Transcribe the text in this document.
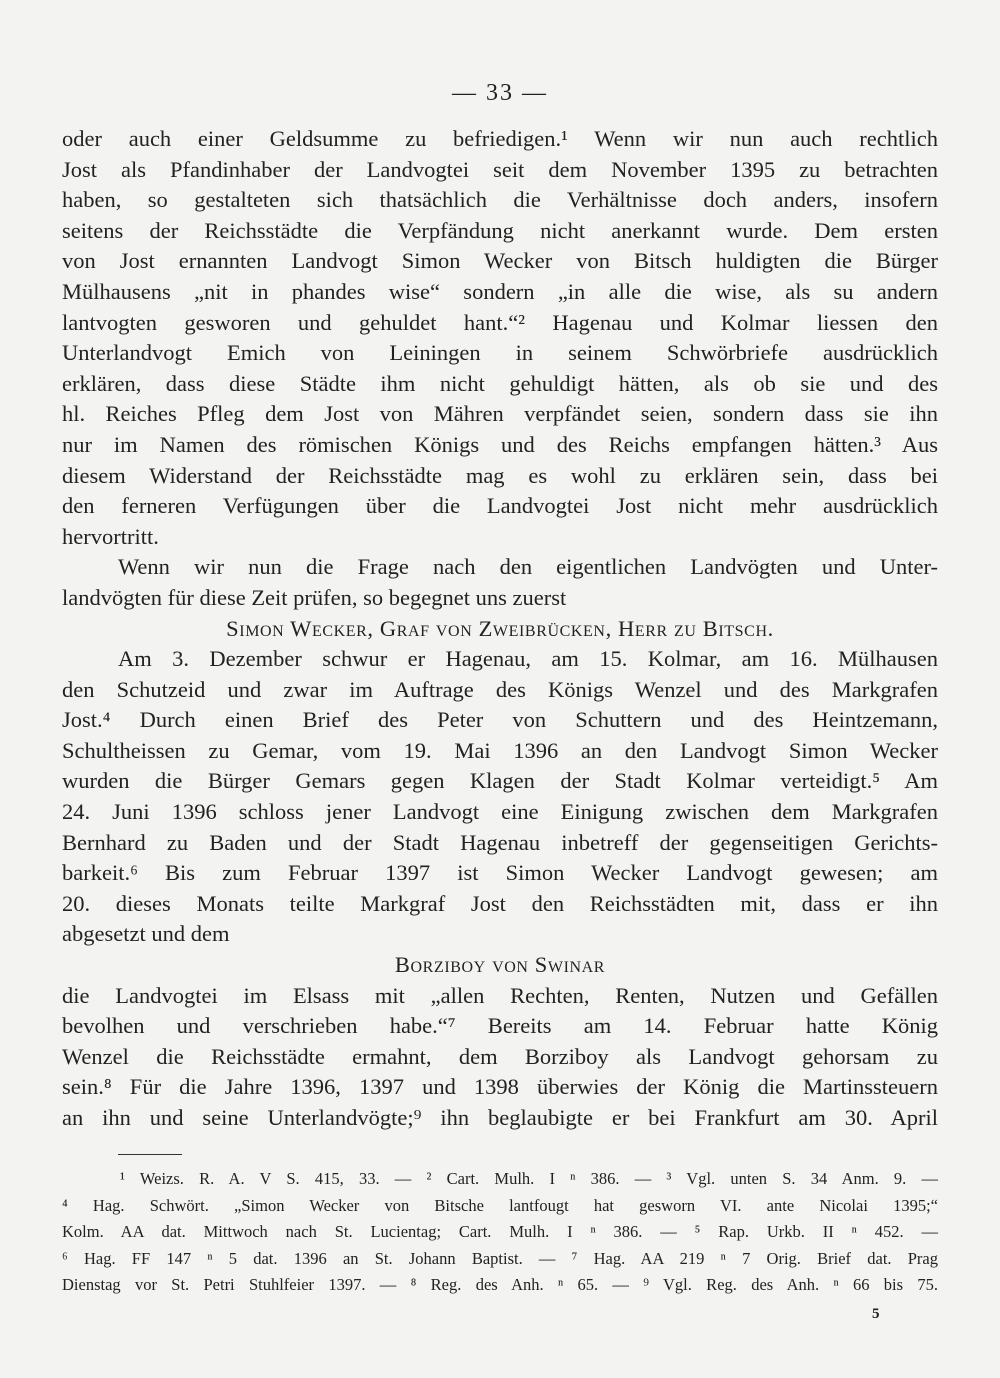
— 33 —
oder auch einer Geldsumme zu befriedigen.¹ Wenn wir nun auch rechtlich
Jost als Pfandinhaber der Landvogtei seit dem November 1395 zu betrachten
haben, so gestalteten sich thatsächlich die Verhältnisse doch anders, insofern
seitens der Reichsstädte die Verpfändung nicht anerkannt wurde. Dem ersten
von Jost ernannten Landvogt Simon Wecker von Bitsch huldigten die Bürger
Mülhausens „nit in phandes wise“ sondern „in alle die wise, als su andern
lantvogten gesworen und gehuldet hant.“² Hagenau und Kolmar liessen den
Unterlandvogt Emich von Leiningen in seinem Schwörbriefe ausdrücklich
erklären, dass diese Städte ihm nicht gehuldigt hätten, als ob sie und des
hl. Reiches Pfleg dem Jost von Mähren verpfändet seien, sondern dass sie ihn
nur im Namen des römischen Königs und des Reichs empfangen hätten.³ Aus
diesem Widerstand der Reichsstädte mag es wohl zu erklären sein, dass bei
den ferneren Verfügungen über die Landvogtei Jost nicht mehr ausdrücklich
hervortritt.
Wenn wir nun die Frage nach den eigentlichen Landvögten und Unter-
landvögten für diese Zeit prüfen, so begegnet uns zuerst
Simon Wecker, Graf von Zweibrücken, Herr zu Bitsch.
Am 3. Dezember schwur er Hagenau, am 15. Kolmar, am 16. Mülhausen
den Schutzeid und zwar im Auftrage des Königs Wenzel und des Markgrafen
Jost.⁴ Durch einen Brief des Peter von Schuttern und des Heintzemann,
Schultheissen zu Gemar, vom 19. Mai 1396 an den Landvogt Simon Wecker
wurden die Bürger Gemars gegen Klagen der Stadt Kolmar verteidigt.⁵ Am
24. Juni 1396 schloss jener Landvogt eine Einigung zwischen dem Markgrafen
Bernhard zu Baden und der Stadt Hagenau inbetreff der gegenseitigen Gerichts-
barkeit.⁶ Bis zum Februar 1397 ist Simon Wecker Landvogt gewesen; am
20. dieses Monats teilte Markgraf Jost den Reichsstädten mit, dass er ihn
abgesetzt und dem
Borziboy von Swinar
die Landvogtei im Elsass mit „allen Rechten, Renten, Nutzen und Gefällen
bevolhen und verschrieben habe.“⁷ Bereits am 14. Februar hatte König
Wenzel die Reichsstädte ermahnt, dem Borziboy als Landvogt gehorsam zu
sein.⁸ Für die Jahre 1396, 1397 und 1398 überwies der König die Martinssteuern
an ihn und seine Unterlandvögte;⁹ ihn beglaubigte er bei Frankfurt am 30. April
¹ Weizs. R. A. V S. 415, 33. — ² Cart. Mulh. I ⁿ 386. — ³ Vgl. unten S. 34 Anm. 9. —
⁴ Hag. Schwört. „Simon Wecker von Bitsche lantfougt hat gesworn VI. ante Nicolai 1395;“
Kolm. AA dat. Mittwoch nach St. Lucientag; Cart. Mulh. I ⁿ 386. — ⁵ Rap. Urkb. II ⁿ 452. —
⁶ Hag. FF 147 ⁿ 5 dat. 1396 an St. Johann Baptist. — ⁷ Hag. AA 219 ⁿ 7 Orig. Brief dat. Prag
Dienstag vor St. Petri Stuhlfeier 1397. — ⁸ Reg. des Anh. ⁿ 65. — ⁹ Vgl. Reg. des Anh. ⁿ 66 bis 75.
5
